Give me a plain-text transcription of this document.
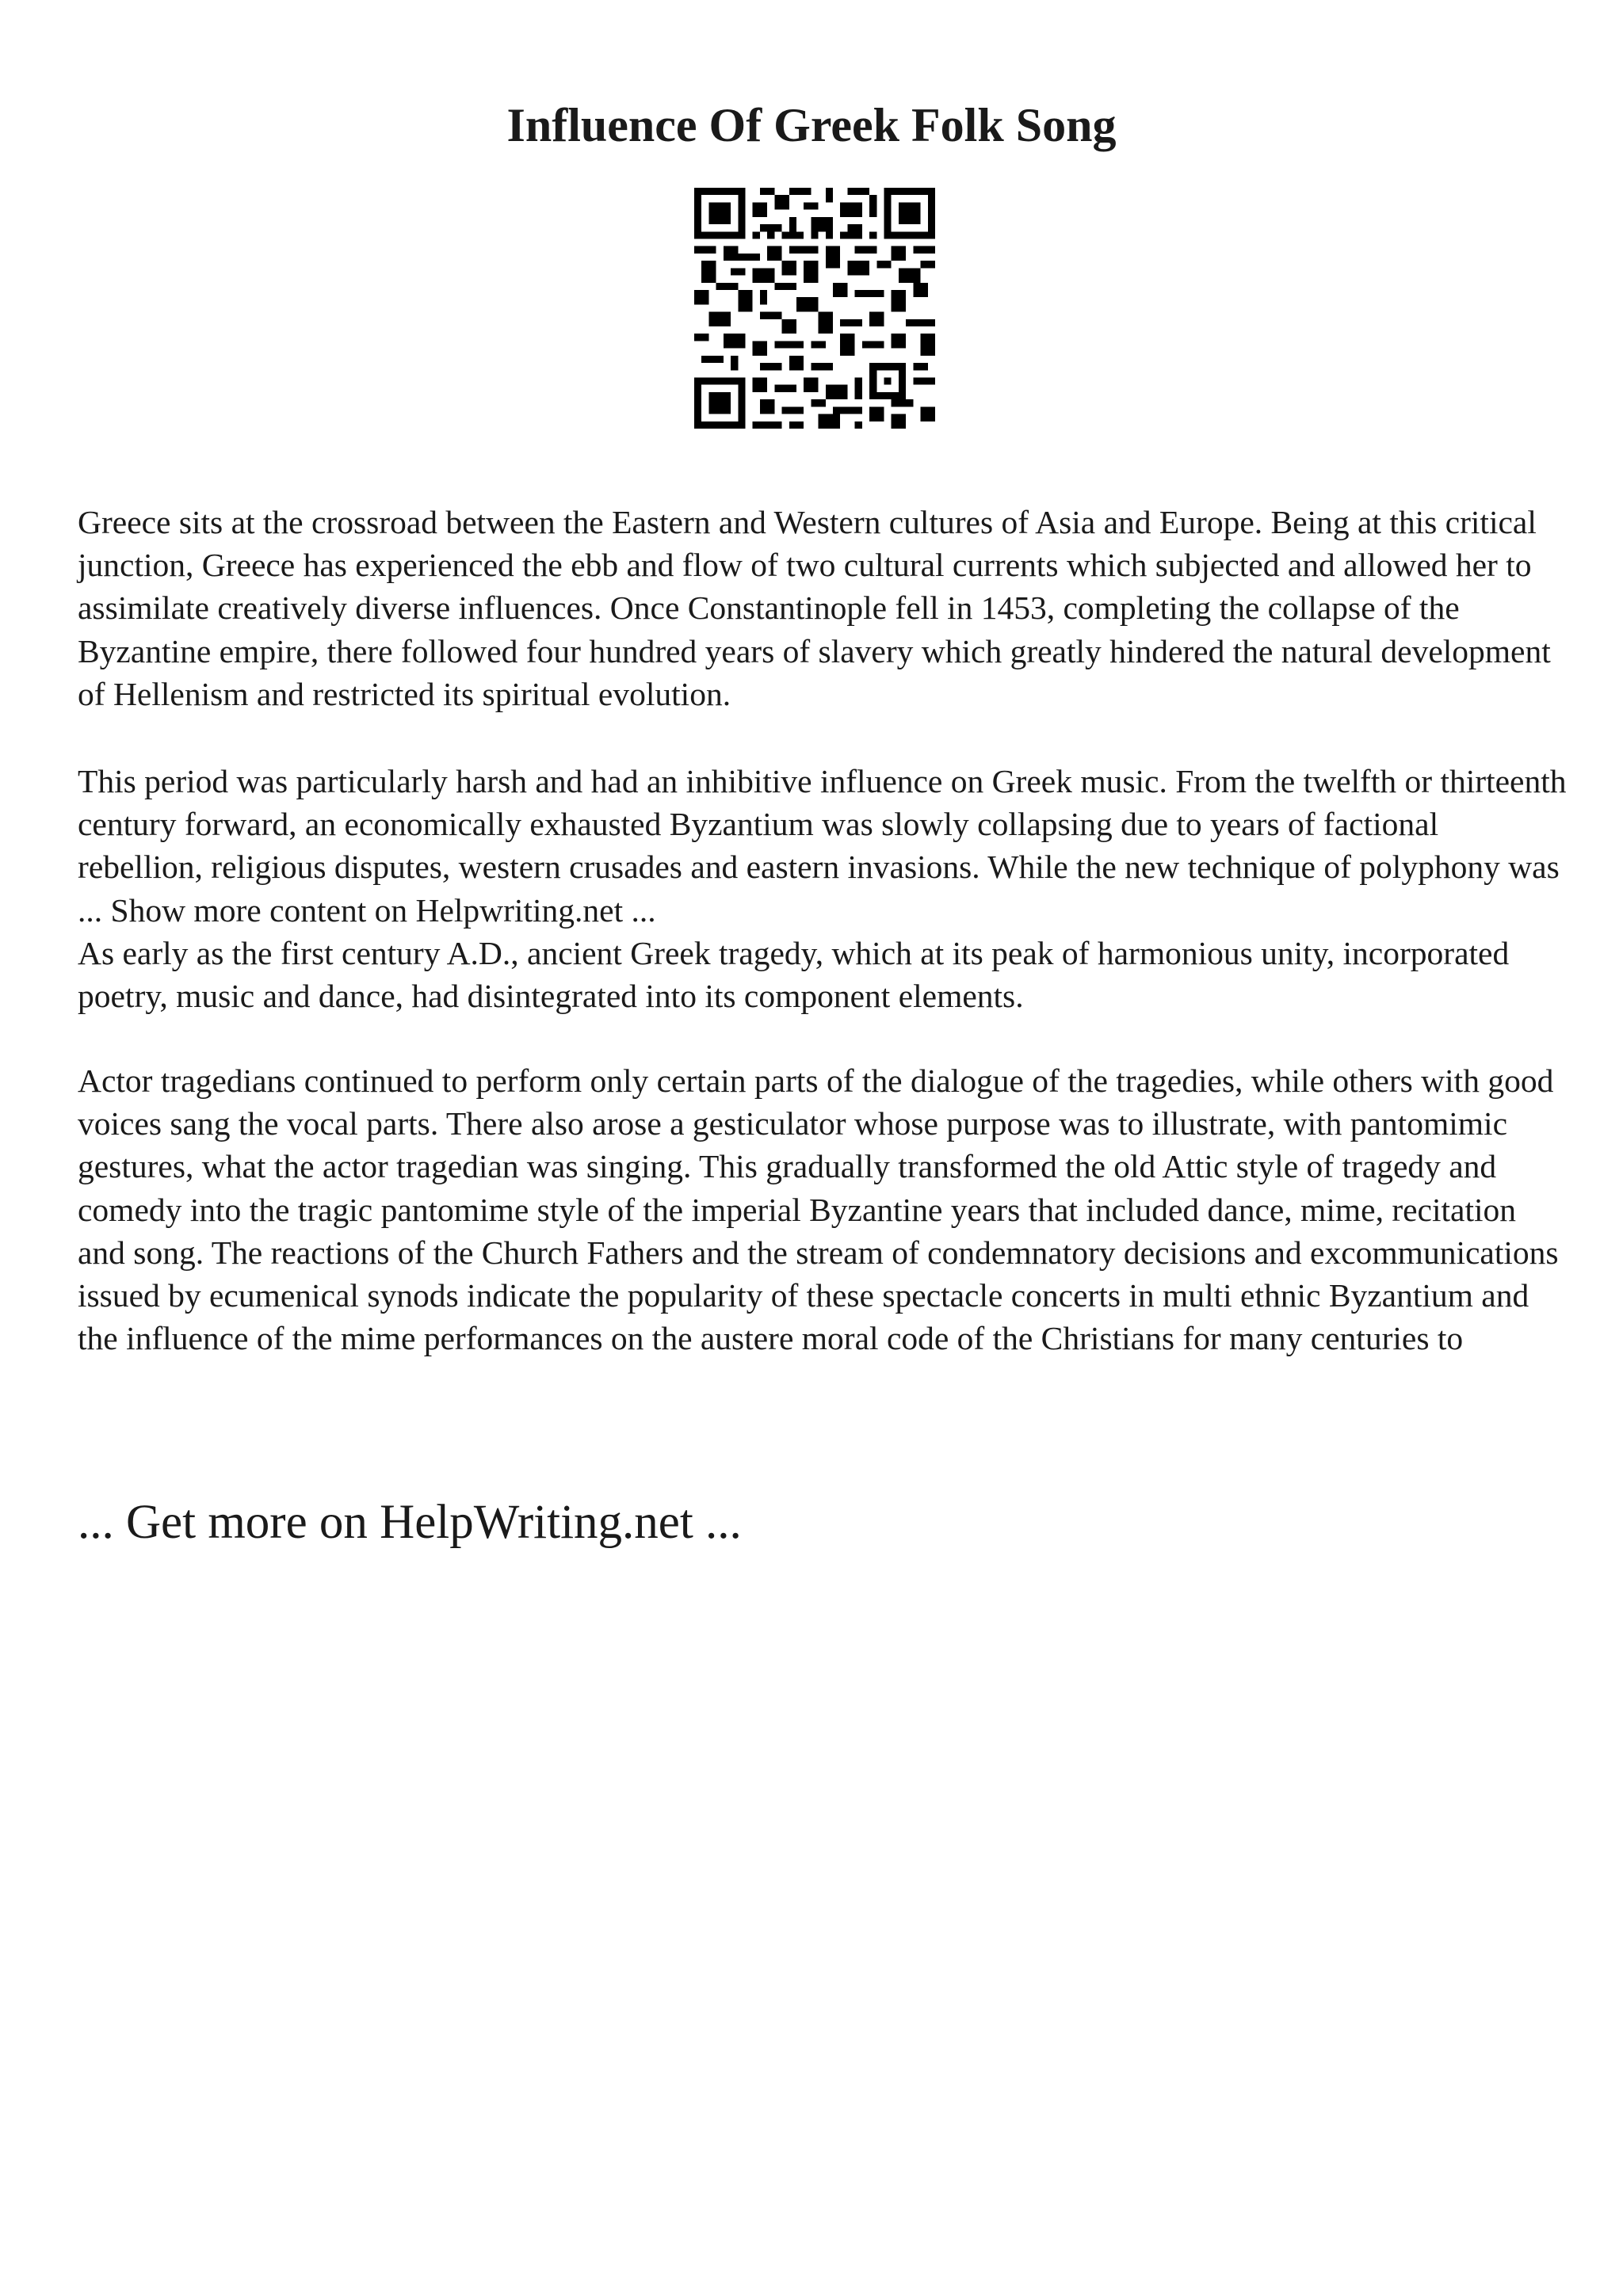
Influence Of Greek Folk Song

Greece sits at the crossroad between the Eastern and Western cultures of Asia and Europe. Being at this critical junction, Greece has experienced the ebb and flow of two cultural currents which subjected and allowed her to assimilate creatively diverse influences. Once Constantinople fell in 1453, completing the collapse of the Byzantine empire, there followed four hundred years of slavery which greatly hindered the natural development of Hellenism and restricted its spiritual evolution.

This period was particularly harsh and had an inhibitive influence on Greek music. From the twelfth or thirteenth century forward, an economically exhausted Byzantium was slowly collapsing due to years of factional rebellion, religious disputes, western crusades and eastern invasions. While the new technique of polyphony was ... Show more content on Helpwriting.net ...
As early as the first century A.D., ancient Greek tragedy, which at its peak of harmonious unity, incorporated poetry, music and dance, had disintegrated into its component elements.

Actor tragedians continued to perform only certain parts of the dialogue of the tragedies, while others with good voices sang the vocal parts. There also arose a gesticulator whose purpose was to illustrate, with pantomimic gestures, what the actor tragedian was singing. This gradually transformed the old Attic style of tragedy and comedy into the tragic pantomime style of the imperial Byzantine years that included dance, mime, recitation and song. The reactions of the Church Fathers and the stream of condemnatory decisions and excommunications issued by ecumenical synods indicate the popularity of these spectacle concerts in multi ethnic Byzantium and the influence of the mime performances on the austere moral code of the Christians for many centuries to

... Get more on HelpWriting.net ...
